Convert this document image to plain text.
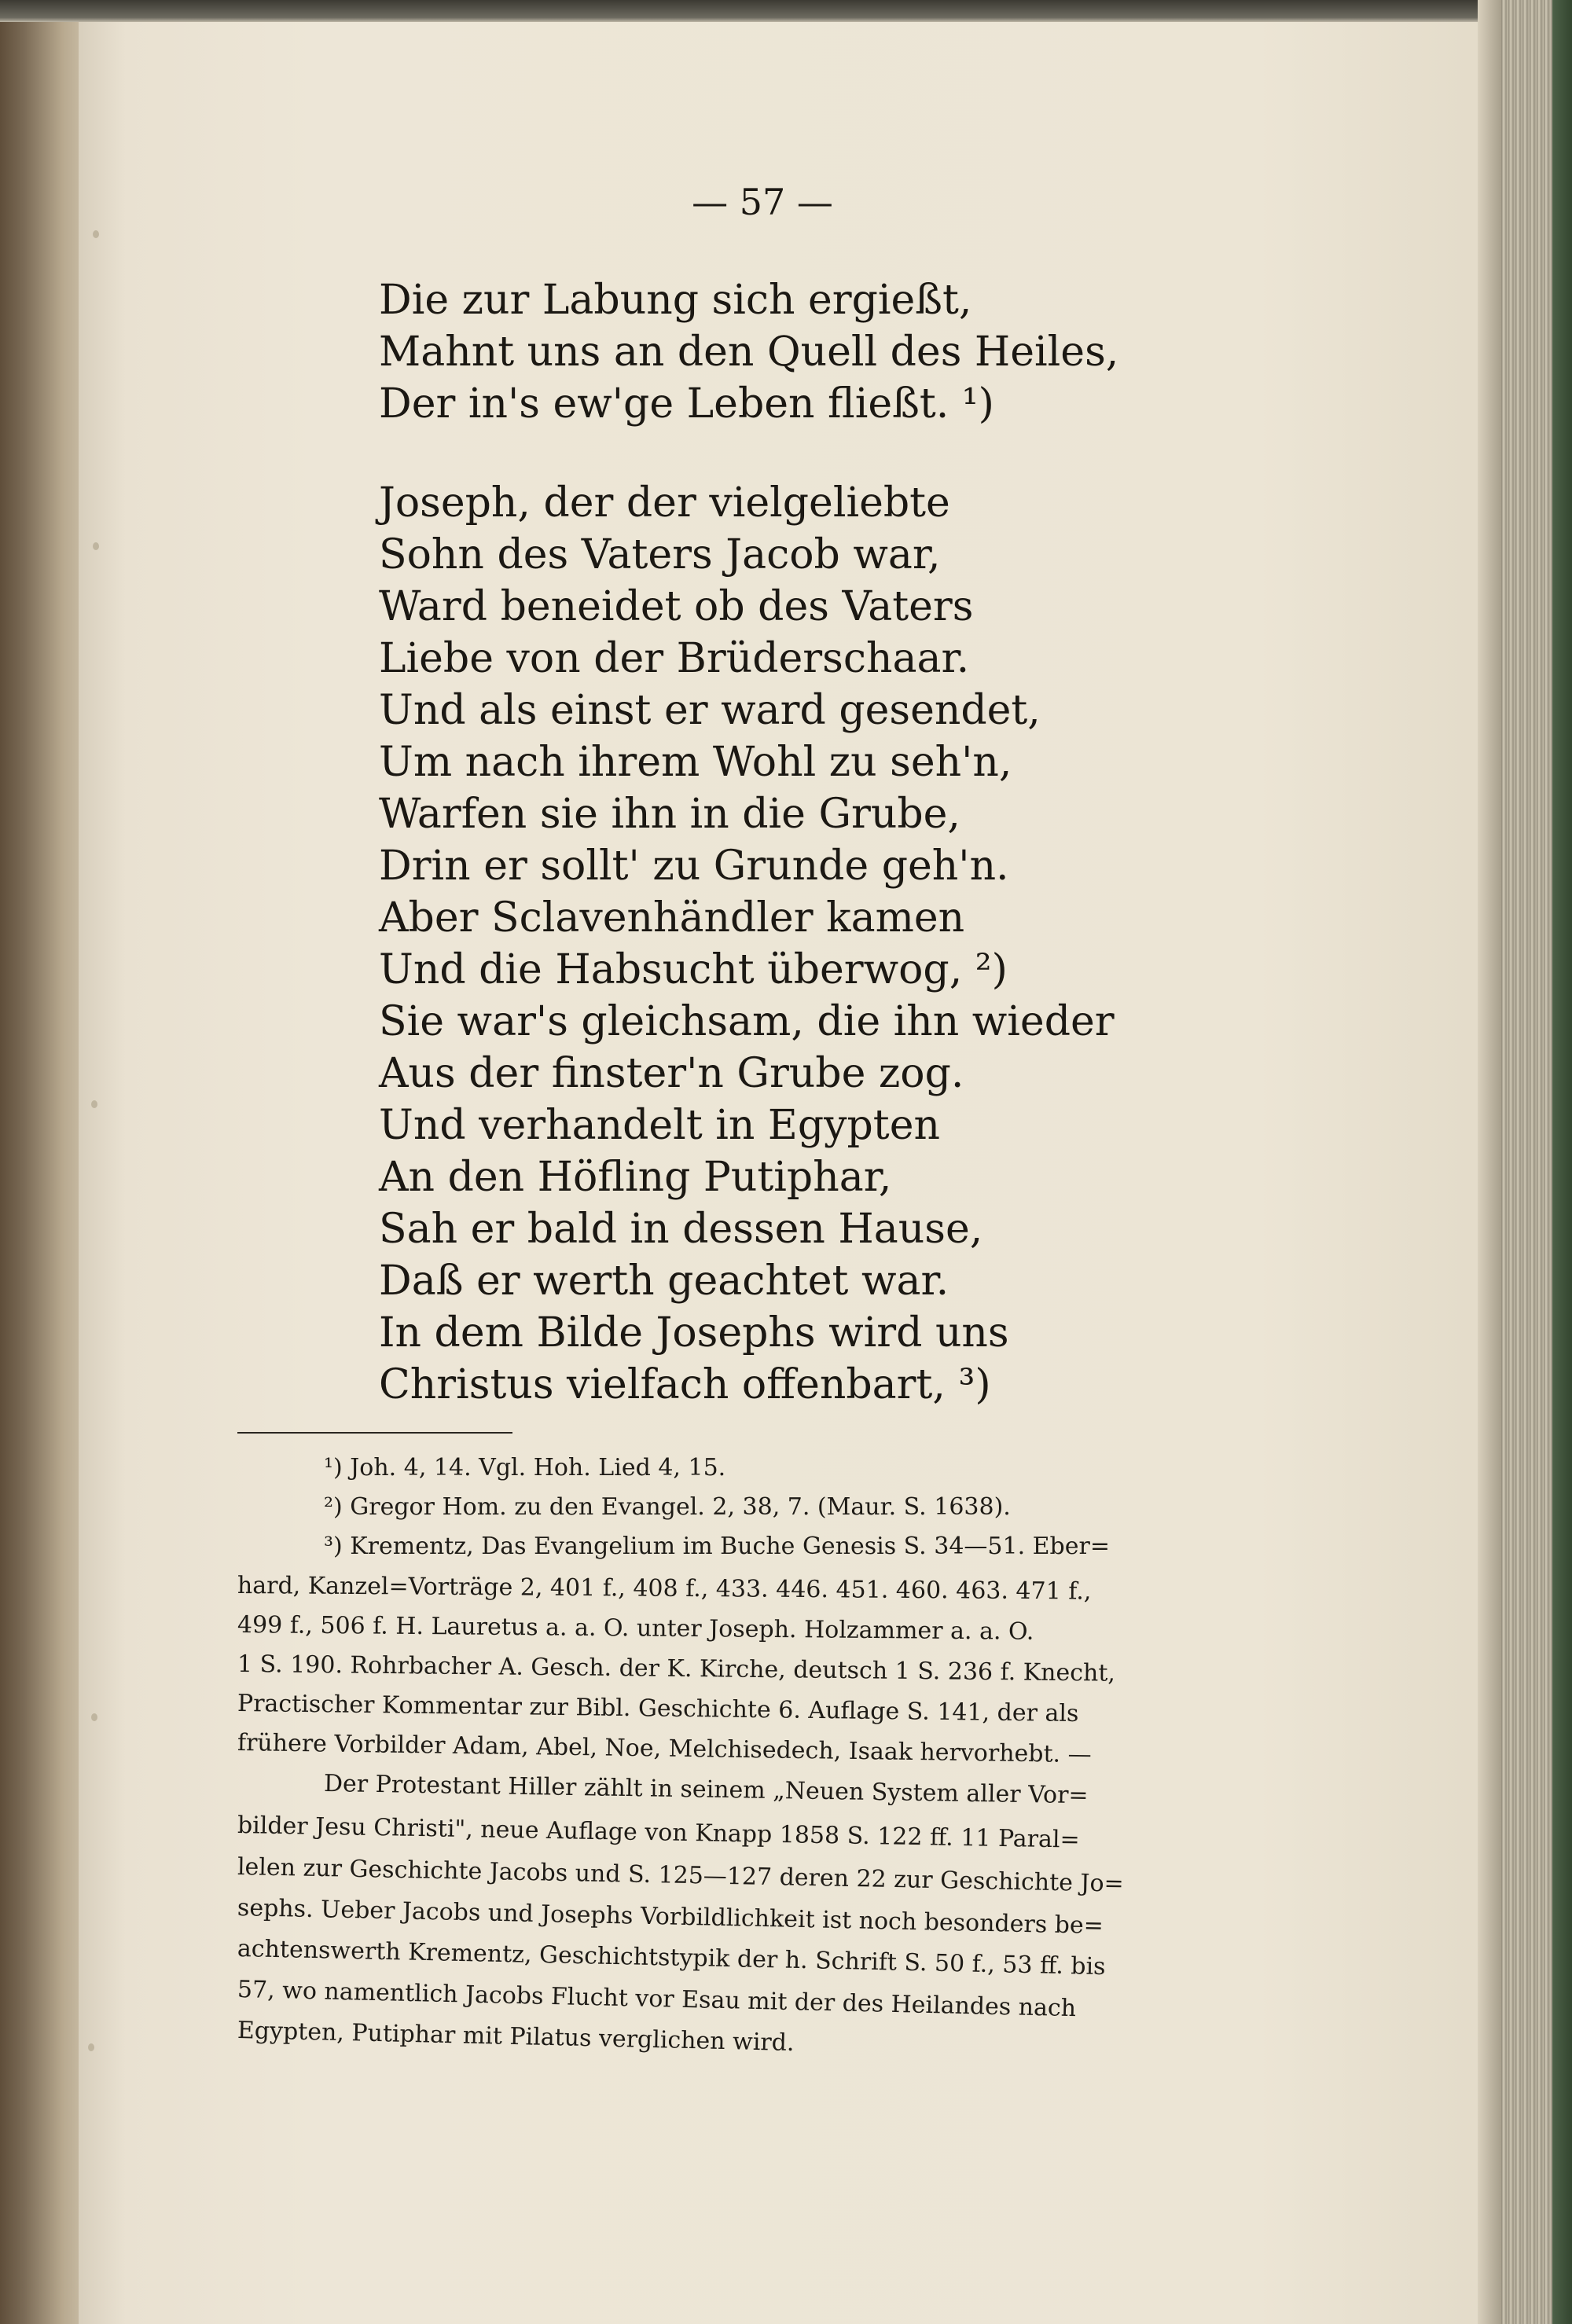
— 57 —
Die zur Labung sich ergießt,
Mahnt uns an den Quell des Heiles,
Der in's ew'ge Leben fließt. ¹)
Joseph, der der vielgeliebte
Sohn des Vaters Jacob war,
Ward beneidet ob des Vaters
Liebe von der Brüderschaar.
Und als einst er ward gesendet,
Um nach ihrem Wohl zu seh'n,
Warfen sie ihn in die Grube,
Drin er sollt' zu Grunde geh'n.
Aber Sclavenhändler kamen
Und die Habsucht überwog, ²)
Sie war's gleichsam, die ihn wieder
Aus der finster'n Grube zog.
Und verhandelt in Egypten
An den Höfling Putiphar,
Sah er bald in dessen Hause,
Daß er werth geachtet war.
In dem Bilde Josephs wird uns
Christus vielfach offenbart, ³)
¹) Joh. 4, 14. Vgl. Hoh. Lied 4, 15.
²) Gregor Hom. zu den Evangel. 2, 38, 7. (Maur. S. 1638).
³) Krementz, Das Evangelium im Buche Genesis S. 34—51. Eber=
hard, Kanzel=Vorträge 2, 401 f., 408 f., 433. 446. 451. 460. 463. 471 f.,
499 f., 506 f. H. Lauretus a. a. O. unter Joseph. Holzammer a. a. O.
1 S. 190. Rohrbacher A. Gesch. der K. Kirche, deutsch 1 S. 236 f. Knecht,
Practischer Kommentar zur Bibl. Geschichte 6. Auflage S. 141, der als
frühere Vorbilder Adam, Abel, Noe, Melchisedech, Isaak hervorhebt. —
Der Protestant Hiller zählt in seinem „Neuen System aller Vor=
bilder Jesu Christi", neue Auflage von Knapp 1858 S. 122 ff. 11 Paral=
lelen zur Geschichte Jacobs und S. 125—127 deren 22 zur Geschichte Jo=
sephs. Ueber Jacobs und Josephs Vorbildlichkeit ist noch besonders be=
achtenswerth Krementz, Geschichtstypik der h. Schrift S. 50 f., 53 ff. bis
57, wo namentlich Jacobs Flucht vor Esau mit der des Heilandes nach
Egypten, Putiphar mit Pilatus verglichen wird.
